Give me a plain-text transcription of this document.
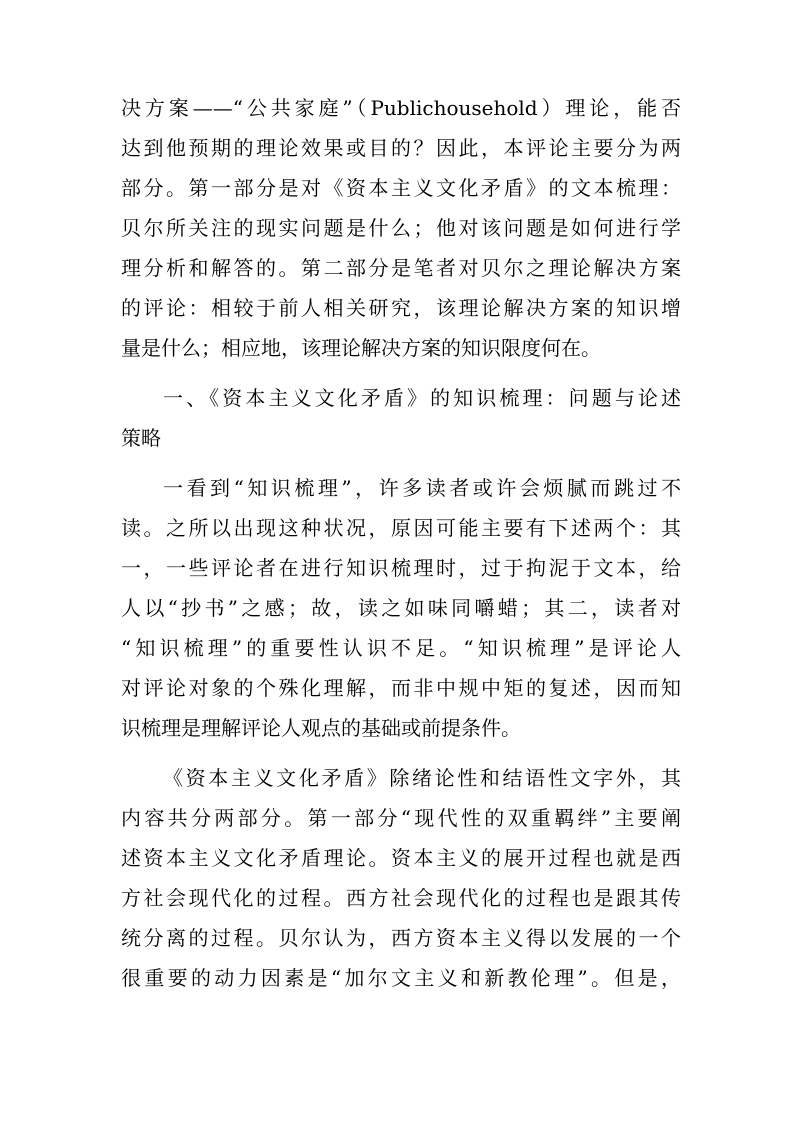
决方案——“公共家庭”（Publichousehold）理论，能否
达到他预期的理论效果或目的？因此，本评论主要分为两
部分。第一部分是对《资本主义文化矛盾》的文本梳理：
贝尔所关注的现实问题是什么；他对该问题是如何进行学
理分析和解答的。第二部分是笔者对贝尔之理论解决方案
的评论：相较于前人相关研究，该理论解决方案的知识增
量是什么；相应地，该理论解决方案的知识限度何在。
一、《资本主义文化矛盾》的知识梳理：问题与论述
策略
一看到“知识梳理”，许多读者或许会烦腻而跳过不
读。之所以出现这种状况，原因可能主要有下述两个：其
一，一些评论者在进行知识梳理时，过于拘泥于文本，给
人以“抄书”之感；故，读之如味同嚼蜡；其二，读者对
“知识梳理”的重要性认识不足。“知识梳理”是评论人
对评论对象的个殊化理解，而非中规中矩的复述，因而知
识梳理是理解评论人观点的基础或前提条件。
《资本主义文化矛盾》除绪论性和结语性文字外，其
内容共分两部分。第一部分“现代性的双重羁绊”主要阐
述资本主义文化矛盾理论。资本主义的展开过程也就是西
方社会现代化的过程。西方社会现代化的过程也是跟其传
统分离的过程。贝尔认为，西方资本主义得以发展的一个
很重要的动力因素是“加尔文主义和新教伦理”。但是，
